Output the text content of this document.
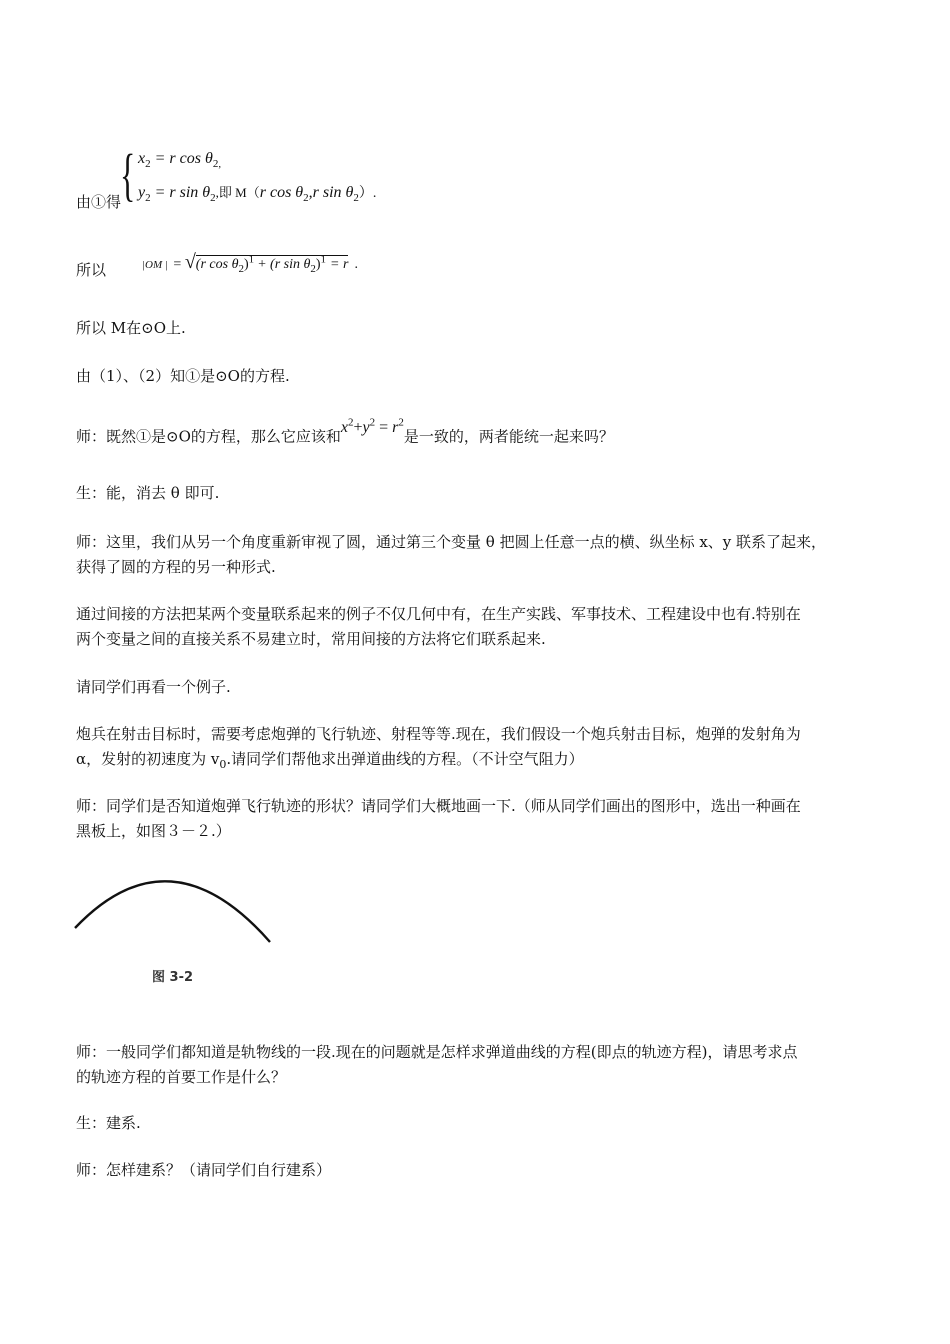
由①得
{ $x_2 = r$ $\cos \theta_{2,}$
$y_2 = r$ $\sin \theta_2$,即 M（r $\cos \theta_2,r$ $\sin \theta_2$）.
所以	|OM | = √(r $\cos \theta_2)^1 + (r$ $\sin \theta_2)^1 = r$ .
所以 M在⊙O上.
由（1）、（2）知①是⊙O的方程.
师：既然①是⊙O的方程，那么它应该和$x^2+y^2 = r^2$是一致的，两者能统一起来吗？
生：能，消去 θ 即可.
师：这里，我们从另一个角度重新审视了圆，通过第三个变量 θ 把圆上任意一点的横、纵坐标 x、y 联系了起来，
获得了圆的方程的另一种形式.
通过间接的方法把某两个变量联系起来的例子不仅几何中有，在生产实践、军事技术、工程建设中也有.特别在
两个变量之间的直接关系不易建立时，常用间接的方法将它们联系起来.
请同学们再看一个例子.
炮兵在射击目标时，需要考虑炮弹的飞行轨迹、射程等等.现在，我们假设一个炮兵射击目标，炮弹的发射角为
α，发射的初速度为 $v_0$.请同学们帮他求出弹道曲线的方程。（不计空气阻力）
师：同学们是否知道炮弹飞行轨迹的形状？请同学们大概地画一下.（师从同学们画出的图形中，选出一种画在
黑板上，如图３－２.）
图 3-2
师：一般同学们都知道是轨物线的一段.现在的问题就是怎样求弹道曲线的方程(即点的轨迹方程)，请思考求点
的轨迹方程的首要工作是什么？
生：建系.
师：怎样建系？（请同学们自行建系）
